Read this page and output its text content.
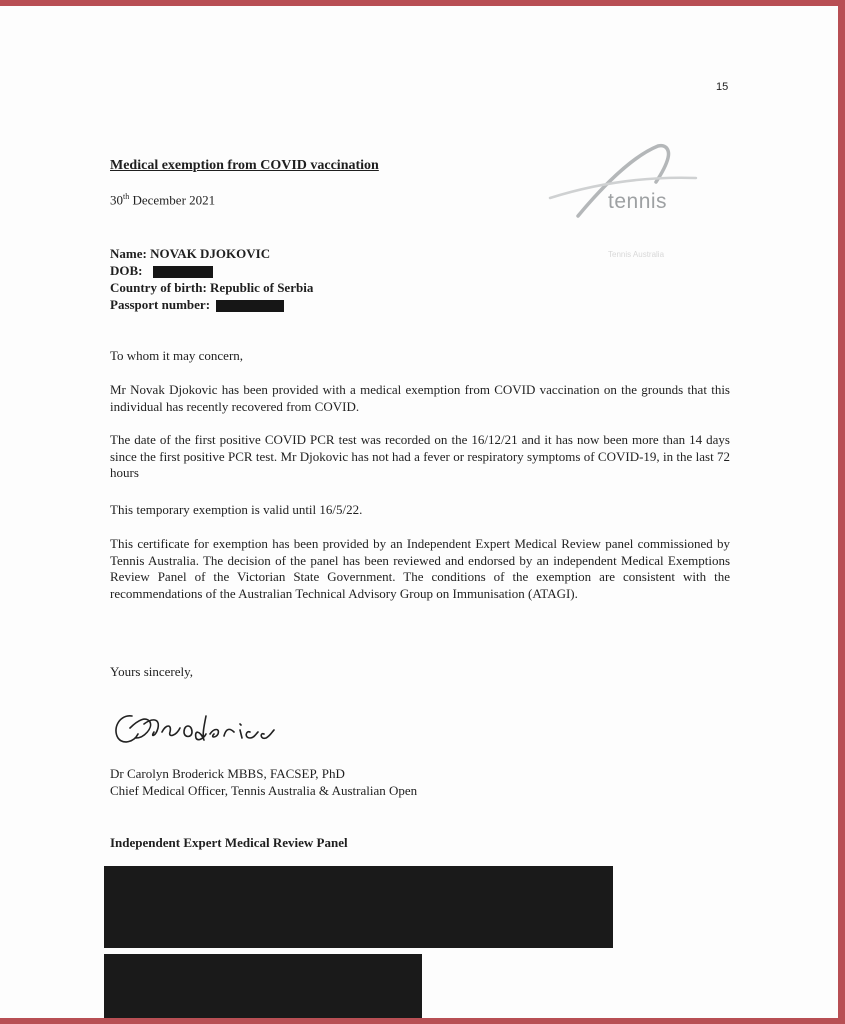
15
tennis
Tennis Australia
Medical exemption from COVID vaccination
30th December 2021
Name: NOVAK DJOKOVIC
DOB:
Country of birth: Republic of Serbia
Passport number:
To whom it may concern,
Mr Novak Djokovic has been provided with a medical exemption from COVID vaccination on the grounds that this individual has recently recovered from COVID.
The date of the first positive COVID PCR test was recorded on the 16/12/21 and it has now been more than 14 days since the first positive PCR test. Mr Djokovic has not had a fever or respiratory symptoms of COVID-19, in the last 72 hours
This temporary exemption is valid until 16/5/22.
This certificate for exemption has been provided by an Independent Expert Medical Review panel commissioned by Tennis Australia. The decision of the panel has been reviewed and endorsed by an independent Medical Exemptions Review Panel of the Victorian State Government. The conditions of the exemption are consistent with the recommendations of the Australian Technical Advisory Group on Immunisation (ATAGI).
Yours sincerely,
Dr Carolyn Broderick MBBS, FACSEP, PhD
Chief Medical Officer, Tennis Australia & Australian Open
Independent Expert Medical Review Panel
